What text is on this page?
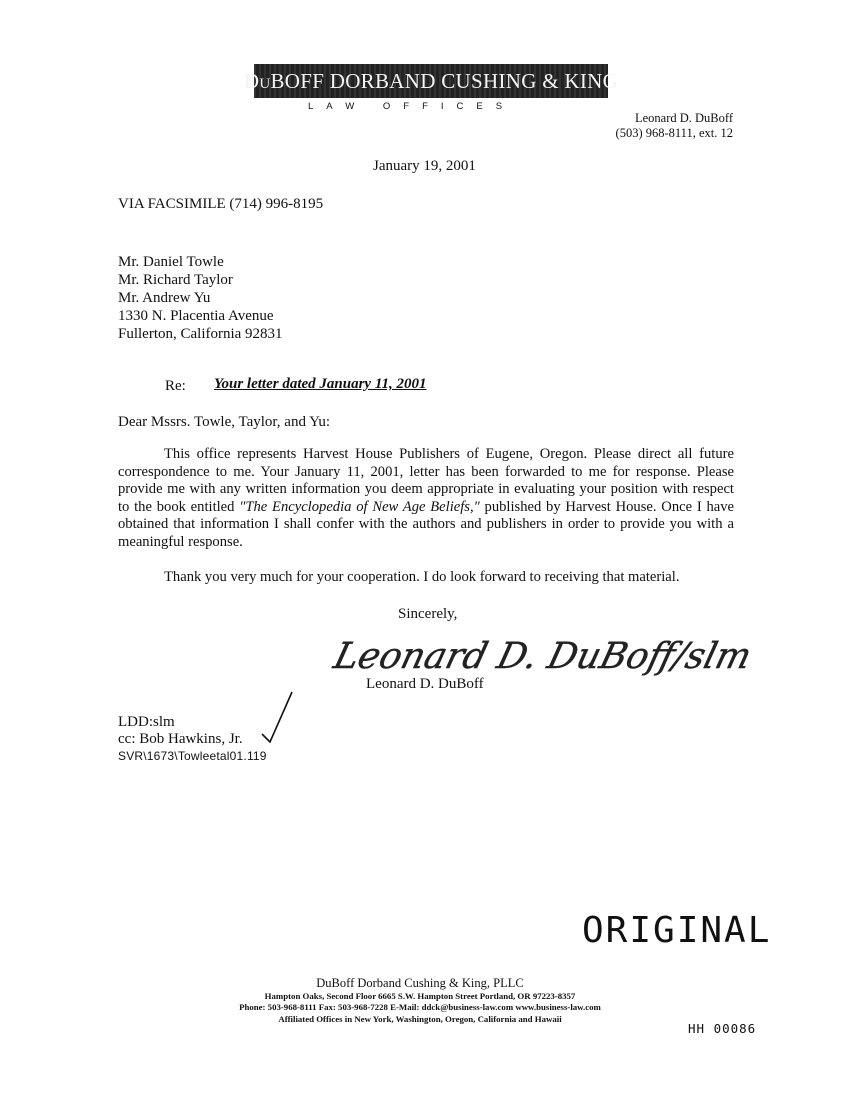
DuBOFF DORBAND CUSHING & KING
LAW OFFICES
Leonard D. DuBoff
(503) 968-8111, ext. 12
January 19, 2001
VIA FACSIMILE (714) 996-8195
Mr. Daniel Towle
Mr. Richard Taylor
Mr. Andrew Yu
1330 N. Placentia Avenue
Fullerton, California 92831
Re: Your letter dated January 11, 2001
Dear Mssrs. Towle, Taylor, and Yu:
This office represents Harvest House Publishers of Eugene, Oregon. Please direct all future correspondence to me. Your January 11, 2001, letter has been forwarded to me for response. Please provide me with any written information you deem appropriate in evaluating your position with respect to the book entitled "The Encyclopedia of New Age Beliefs," published by Harvest House. Once I have obtained that information I shall confer with the authors and publishers in order to provide you with a meaningful response.
Thank you very much for your cooperation. I do look forward to receiving that material.
Sincerely,
Leonard D. DuBoff/slm
Leonard D. DuBoff
LDD:slm
cc: Bob Hawkins, Jr.
SVR\1673\Towleetal01.119
ORIGINAL
DuBoff Dorband Cushing & King, PLLC
Hampton Oaks, Second Floor 6665 S.W. Hampton Street Portland, OR 97223-8357
Phone: 503-968-8111 Fax: 503-968-7228 E-Mail: ddck@business-law.com www.business-law.com
Affiliated Offices in New York, Washington, Oregon, California and Hawaii
HH 00086
